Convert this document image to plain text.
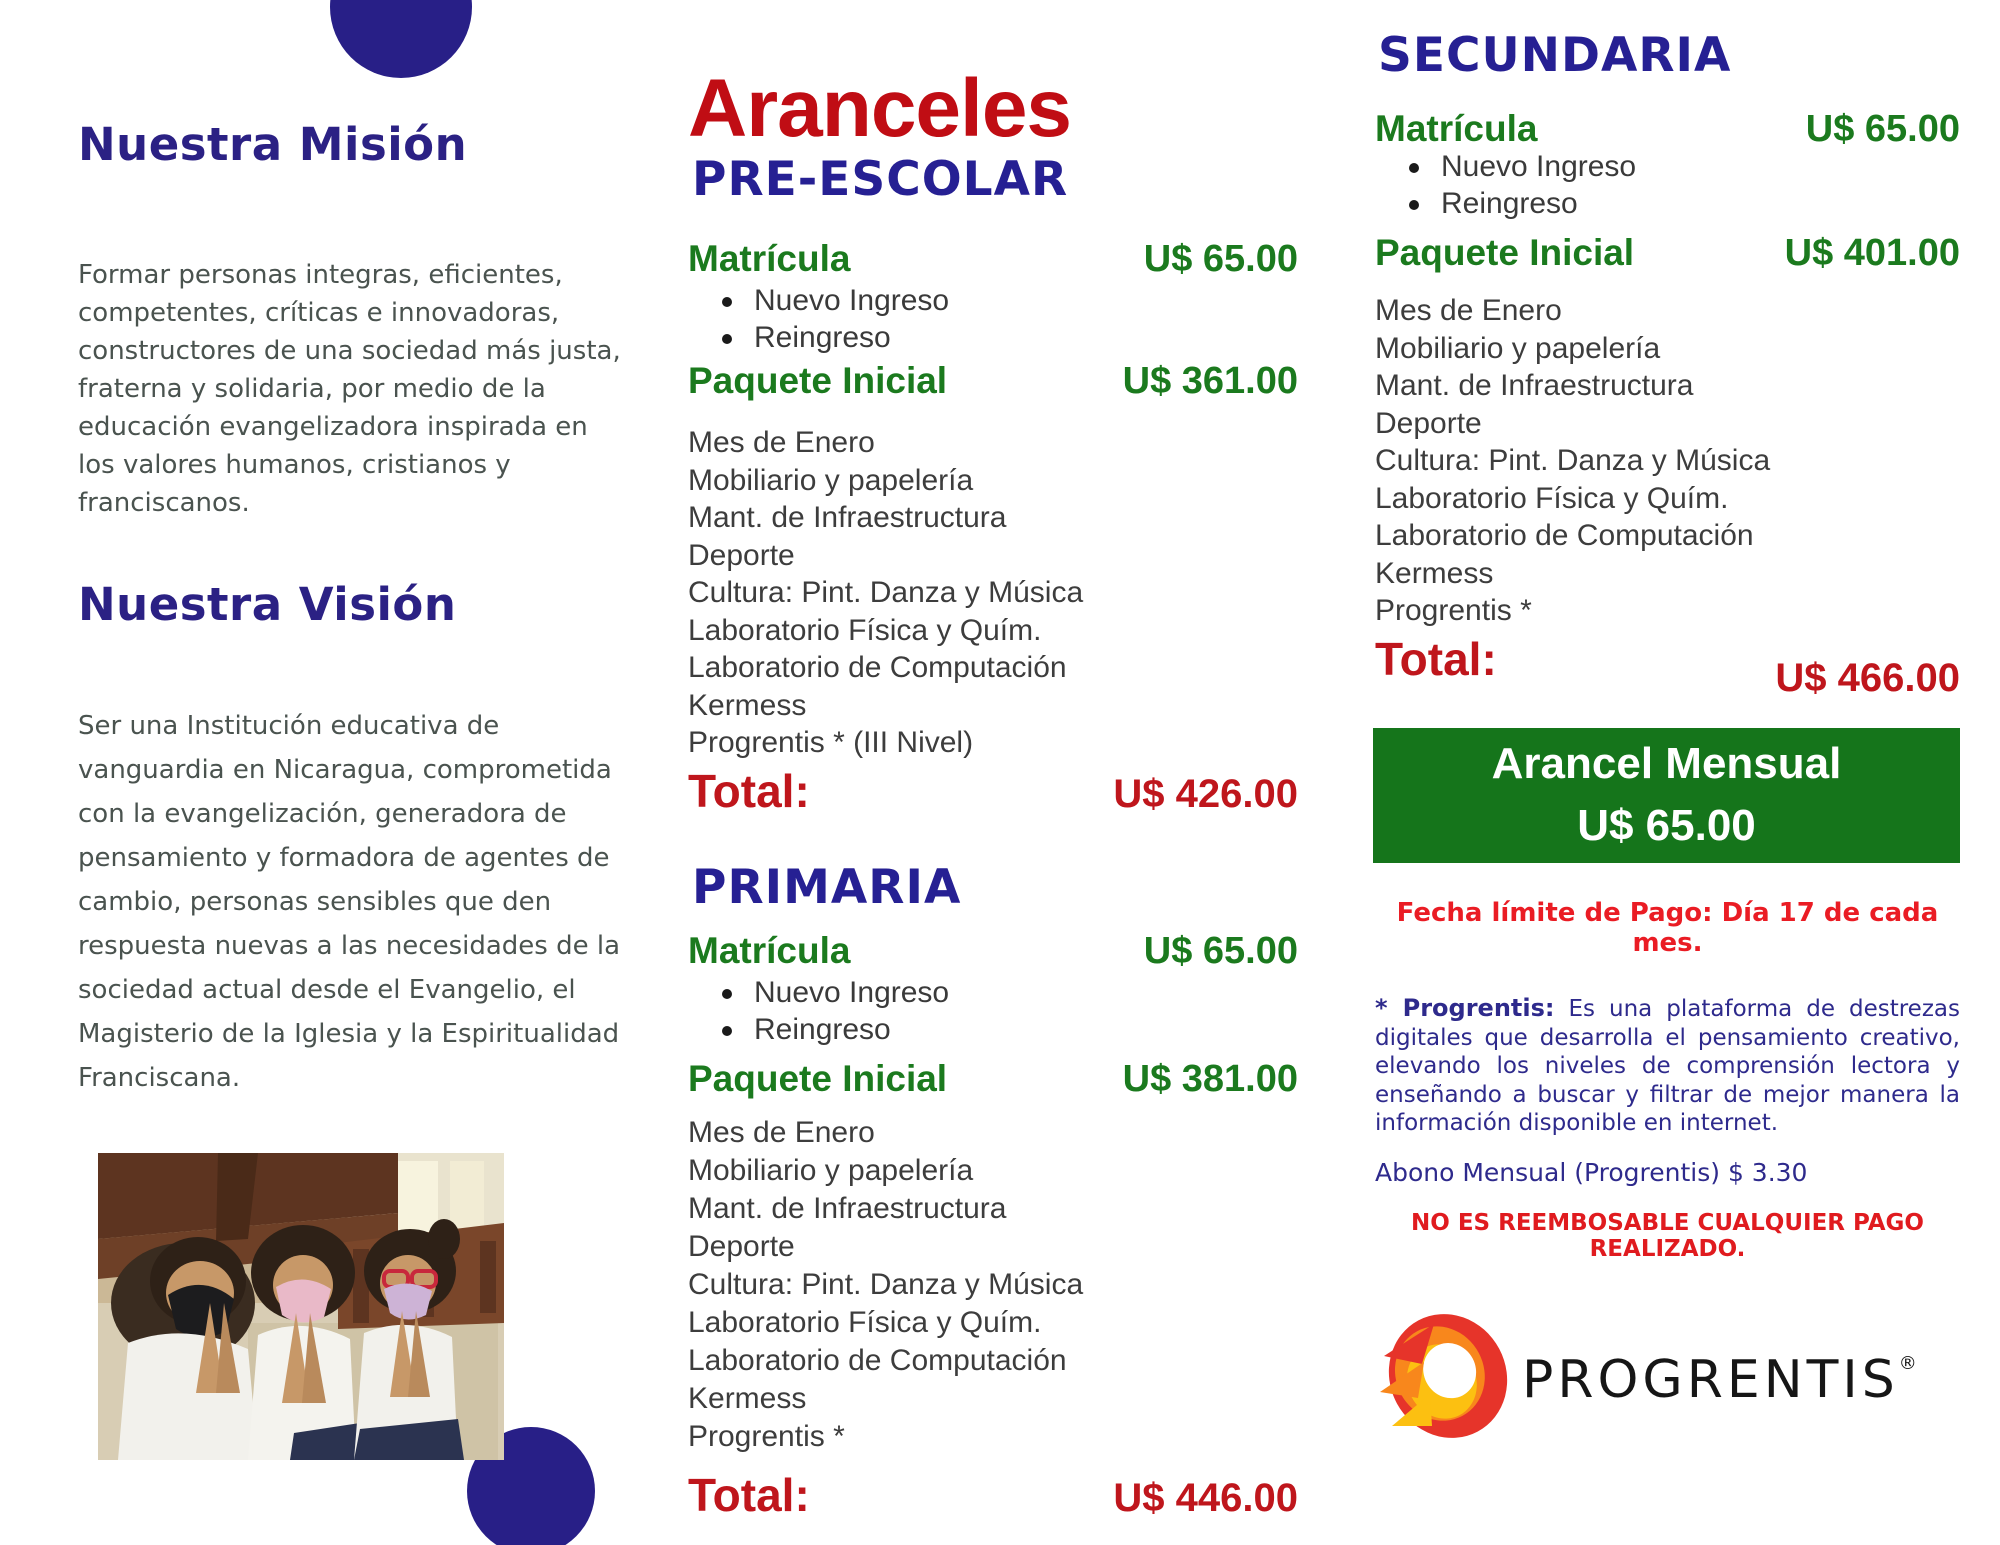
Nuestra Misión
Formar personas integras, eficientes, competentes, críticas e innovadoras, constructores de una sociedad más justa, fraterna y solidaria, por medio de la educación evangelizadora inspirada en los valores humanos, cristianos y franciscanos.
Nuestra Visión
Ser una Institución educativa de vanguardia en Nicaragua, comprometida con la evangelización, generadora de pensamiento y formadora de agentes de cambio, personas sensibles que den respuesta nuevas a las necesidades de la sociedad actual desde el Evangelio, el Magisterio de la Iglesia y la Espiritualidad Franciscana.
Aranceles
PRE-ESCOLAR
Matrícula	U$ 65.00
Nuevo Ingreso
Reingreso
Paquete Inicial	U$ 361.00
Mes de Enero
Mobiliario y papelería
Mant. de Infraestructura
Deporte
Cultura: Pint. Danza y Música
Laboratorio Física y Quím.
Laboratorio de Computación
Kermess
Progrentis * (III Nivel)
Total:	U$ 426.00
PRIMARIA
Matrícula	U$ 65.00
Nuevo Ingreso
Reingreso
Paquete Inicial	U$ 381.00
Mes de Enero
Mobiliario y papelería
Mant. de Infraestructura
Deporte
Cultura: Pint. Danza y Música
Laboratorio Física y Quím.
Laboratorio de Computación
Kermess
Progrentis *
Total:	U$ 446.00
SECUNDARIA
Matrícula	U$ 65.00
Nuevo Ingreso
Reingreso
Paquete Inicial	U$ 401.00
Mes de Enero
Mobiliario y papelería
Mant. de Infraestructura
Deporte
Cultura: Pint. Danza y Música
Laboratorio Física y Quím.
Laboratorio de Computación
Kermess
Progrentis *
Total:	U$ 466.00
Arancel Mensual
U$ 65.00
Fecha límite de Pago: Día 17 de cada mes.
* Progrentis: Es una plataforma de destrezas digitales que desarrolla el pensamiento creativo, elevando los niveles de comprensión lectora y enseñando a buscar y filtrar de mejor manera la información disponible en internet.
Abono Mensual (Progrentis) $ 3.30
NO ES REEMBOSABLE CUALQUIER PAGO REALIZADO.
PROGRENTIS®
